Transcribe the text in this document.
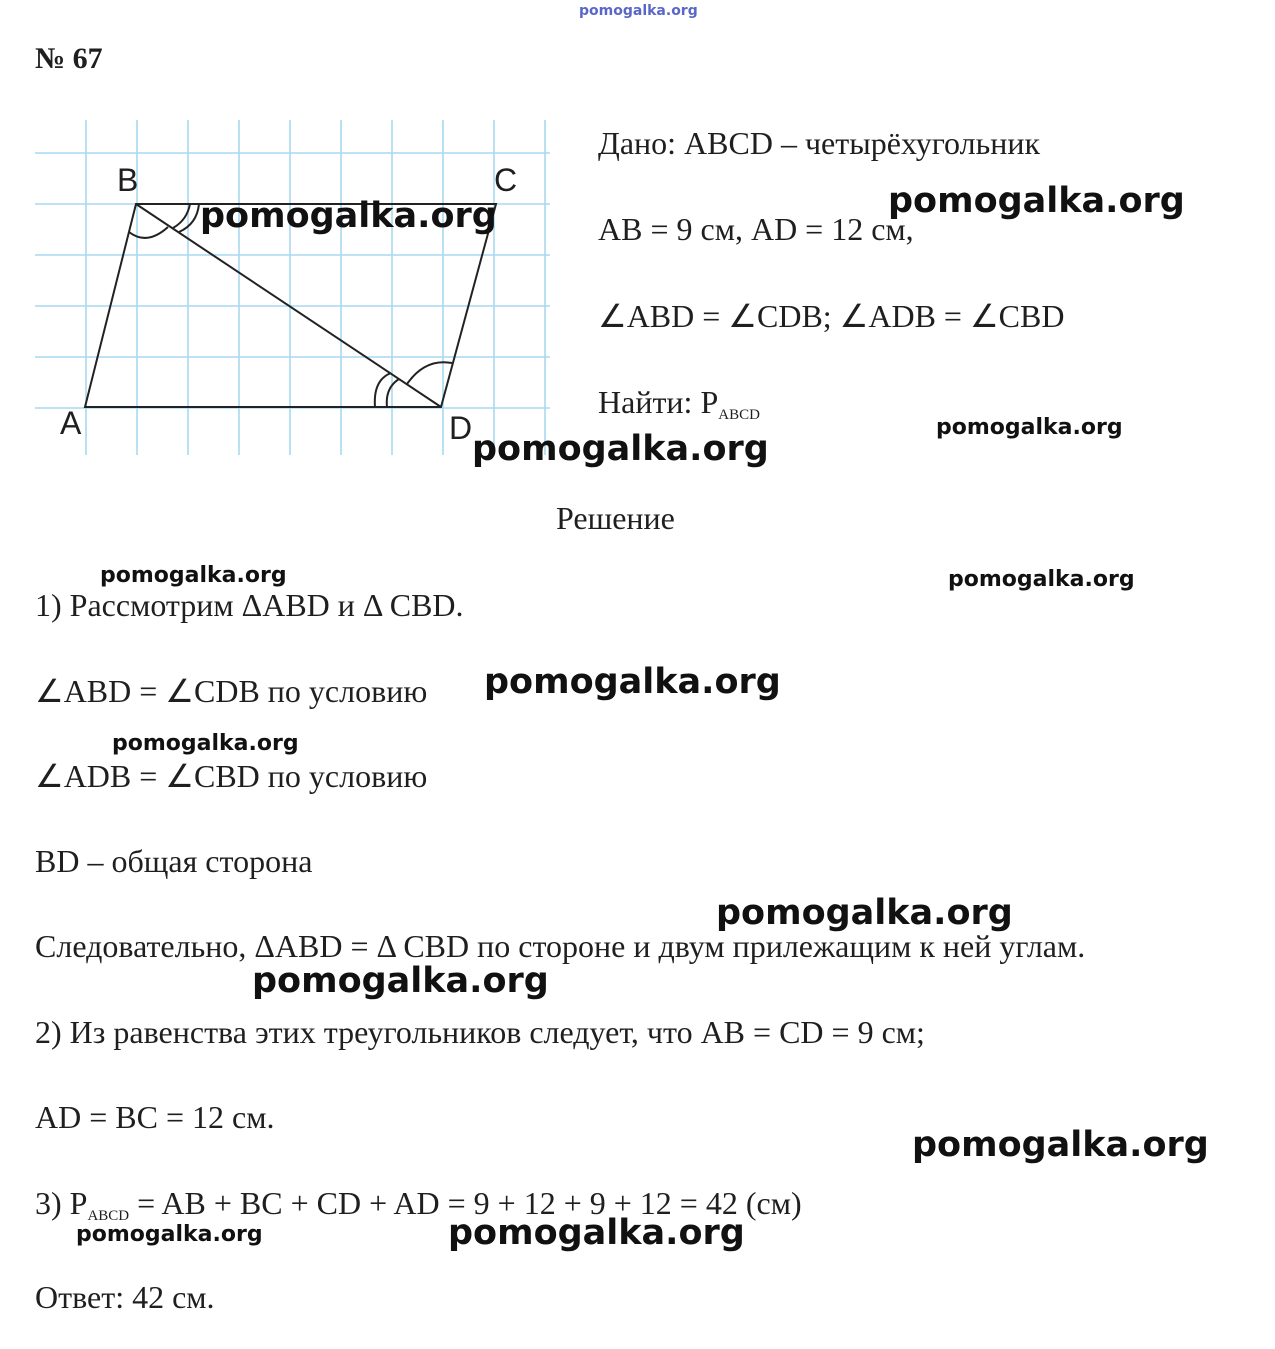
pomogalka.org
№ 67
B	C
A	D
Дано: ABCD – четырёхугольник
AB = 9 см, AD = 12 см,
∠ABD = ∠CDB; ∠ADB = ∠CBD
Найти: $P_{ABCD}$
Решение
1) Рассмотрим ΔABD и Δ CBD.
∠ABD = ∠CDB по условию
∠ADB = ∠CBD по условию
BD – общая сторона
Следовательно, ΔABD = Δ CBD по стороне и двум прилежащим к ней углам.
2) Из равенства этих треугольников следует, что AB = CD = 9 см;
AD = BC = 12 см.
3) $P_{ABCD}$ = AB + BC + CD + AD = 9 + 12 + 9 + 12 = 42 (см)
Ответ: 42 см.
pomogalka.org	pomogalka.org
pomogalka.org
pomogalka.org
pomogalka.org	pomogalka.org
pomogalka.org
pomogalka.org
pomogalka.org
pomogalka.org
pomogalka.org
pomogalka.org	pomogalka.org
